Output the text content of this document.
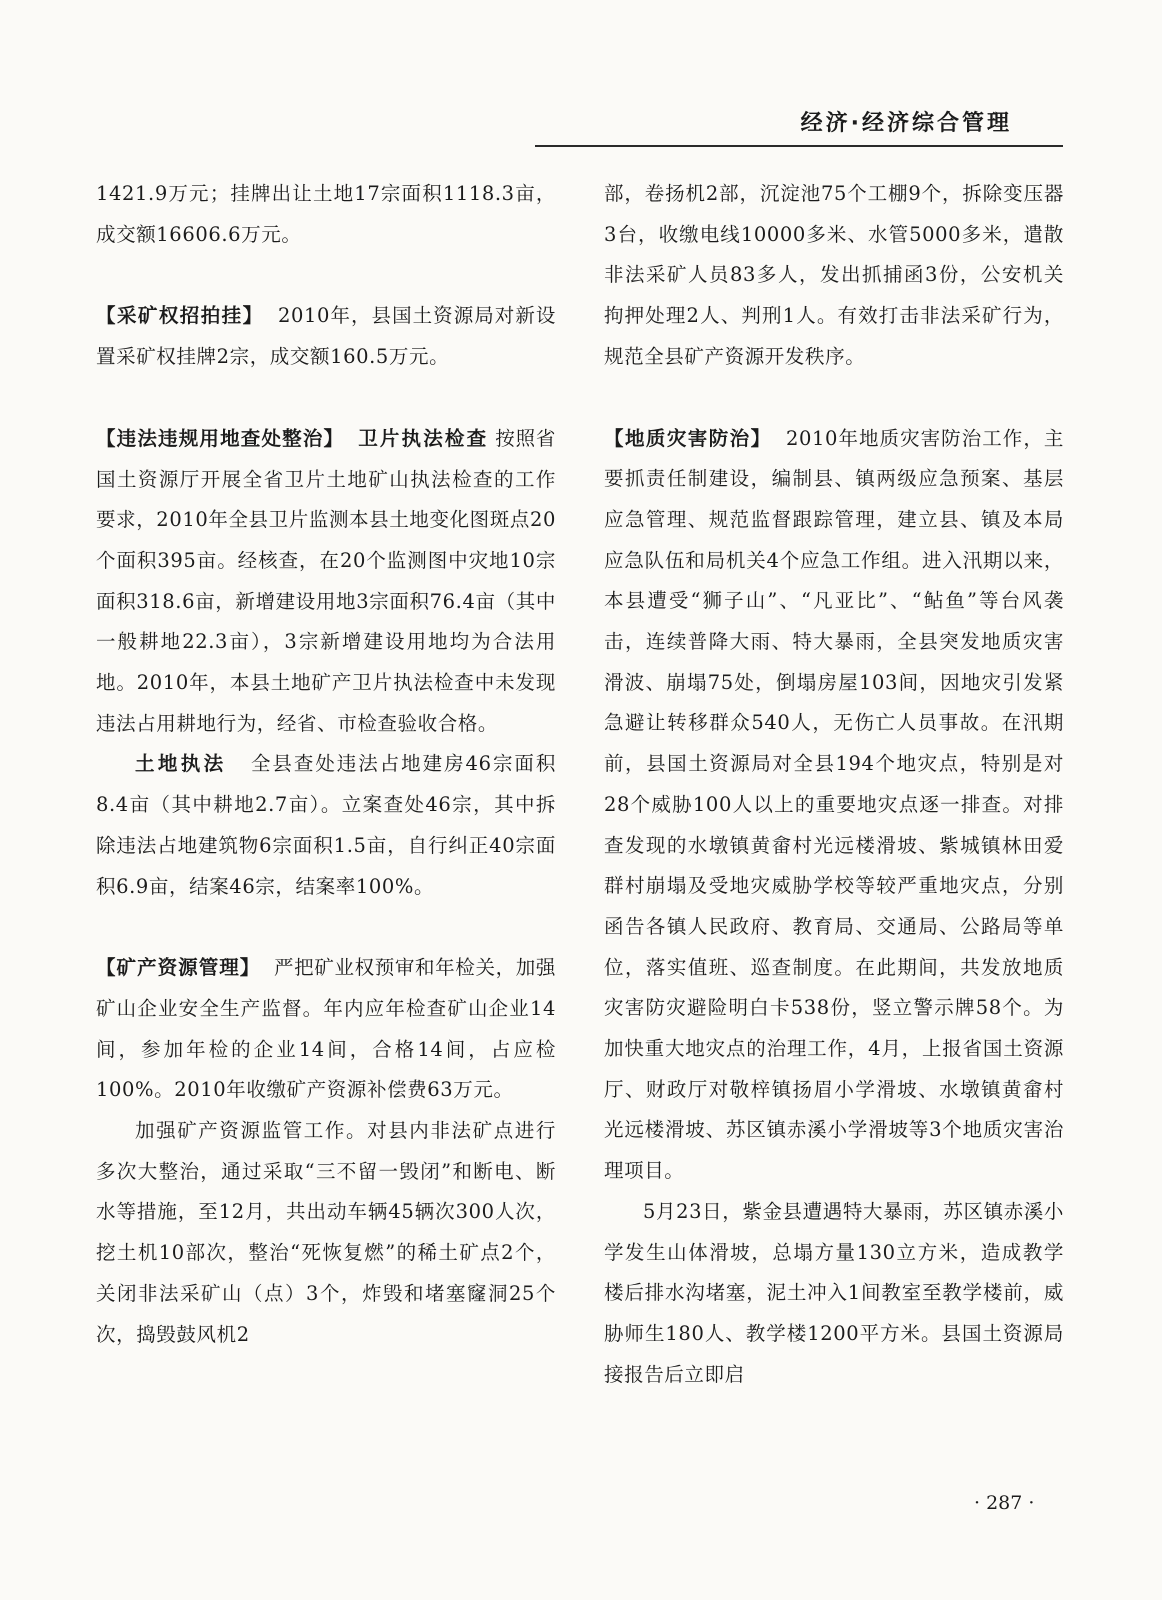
经济·经济综合管理

1421.9万元；挂牌出让土地17宗面积1118.3亩，成交额16606.6万元。

【采矿权招拍挂】 2010年，县国土资源局对新设置采矿权挂牌2宗，成交额160.5万元。

【违法违规用地查处整治】 卫片执法检查 按照省国土资源厅开展全省卫片土地矿山执法检查的工作要求，2010年全县卫片监测本县土地变化图斑点20个面积395亩。经核查，在20个监测图中灾地10宗面积318.6亩，新增建设用地3宗面积76.4亩（其中一般耕地22.3亩），3宗新增建设用地均为合法用地。2010年，本县土地矿产卫片执法检查中未发现违法占用耕地行为，经省、市检查验收合格。

土地执法 全县查处违法占地建房46宗面积8.4亩（其中耕地2.7亩）。立案查处46宗，其中拆除违法占地建筑物6宗面积1.5亩，自行纠正40宗面积6.9亩，结案46宗，结案率100%。

【矿产资源管理】 严把矿业权预审和年检关，加强矿山企业安全生产监督。年内应年检查矿山企业14间，参加年检的企业14间，合格14间，占应检100%。2010年收缴矿产资源补偿费63万元。

加强矿产资源监管工作。对县内非法矿点进行多次大整治，通过采取“三不留一毁闭”和断电、断水等措施，至12月，共出动车辆45辆次300人次，挖土机10部次，整治“死恢复燃”的稀土矿点2个，关闭非法采矿山（点）3个，炸毁和堵塞窿洞25个次，捣毁鼓风机2

部，卷扬机2部，沉淀池75个工棚9个，拆除变压器3台，收缴电线10000多米、水管5000多米，遣散非法采矿人员83多人，发出抓捕函3份，公安机关拘押处理2人、判刑1人。有效打击非法采矿行为，规范全县矿产资源开发秩序。

【地质灾害防治】 2010年地质灾害防治工作，主要抓责任制建设，编制县、镇两级应急预案、基层应急管理、规范监督跟踪管理，建立县、镇及本局应急队伍和局机关4个应急工作组。进入汛期以来，本县遭受“狮子山”、“凡亚比”、“鲇鱼”等台风袭击，连续普降大雨、特大暴雨，全县突发地质灾害滑波、崩塌75处，倒塌房屋103间，因地灾引发紧急避让转移群众540人，无伤亡人员事故。在汛期前，县国土资源局对全县194个地灾点，特别是对28个威胁100人以上的重要地灾点逐一排查。对排查发现的水墩镇黄畲村光远楼滑坡、紫城镇林田爱群村崩塌及受地灾威胁学校等较严重地灾点，分别函告各镇人民政府、教育局、交通局、公路局等单位，落实值班、巡查制度。在此期间，共发放地质灾害防灾避险明白卡538份，竖立警示牌58个。为加快重大地灾点的治理工作，4月，上报省国土资源厅、财政厅对敬梓镇扬眉小学滑坡、水墩镇黄畲村光远楼滑坡、苏区镇赤溪小学滑坡等3个地质灾害治理项目。

5月23日，紫金县遭遇特大暴雨，苏区镇赤溪小学发生山体滑坡，总塌方量130立方米，造成教学楼后排水沟堵塞，泥土冲入1间教室至教学楼前，威胁师生180人、教学楼1200平方米。县国土资源局接报告后立即启

· 287 ·
